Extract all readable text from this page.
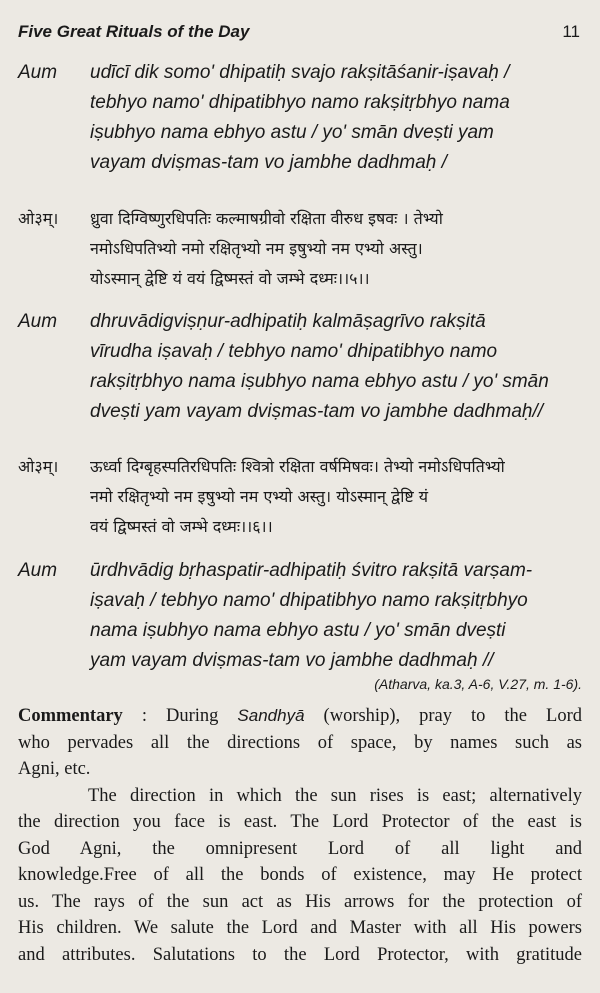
Five Great Rituals of the Day	11
Aum udīcī dik somo' dhipatiḥ svajo rakṣitāśanir-iṣavaḥ /
tebhyo namo' dhipatibhyo namo rakṣitṛbhyo nama
iṣubhyo nama ebhyo astu / yo' smān dveṣti yam
vayam dviṣmas-tam vo jambhe dadhmaḥ /
ओ३म्। ध्रुवा दिग्विष्णुरधिपतिः कल्माषग्रीवो रक्षिता वीरुध इषवः । तेभ्यो
नमोऽधिपतिभ्यो नमो रक्षितृभ्यो नम इषुभ्यो नम एभ्यो अस्तु।
योऽस्मान् द्वेष्टि यं वयं द्विष्मस्तं वो जम्भे दध्मः।।५।।
Aum dhruvādigviṣṇur-adhipatiḥ kalmāṣagrīvo rakṣitā
vīrudha iṣavaḥ / tebhyo namo' dhipatibhyo namo
rakṣitṛbhyo nama iṣubhyo nama ebhyo astu / yo' smān
dveṣti yam vayam dviṣmas-tam vo jambhe dadhmaḥ//
ओ३म्। ऊर्ध्वा दिग्बृहस्पतिरधिपतिः श्वित्रो रक्षिता वर्षमिषवः। तेभ्यो नमोऽधिपतिभ्यो
नमो रक्षितृभ्यो नम इषुभ्यो नम एभ्यो अस्तु। योऽस्मान् द्वेष्टि यं
वयं द्विष्मस्तं वो जम्भे दध्मः।।६।।
Aum ūrdhvādig bṛhaspatir-adhipatiḥ śvitro rakṣitā varṣam-
iṣavaḥ / tebhyo namo' dhipatibhyo namo rakṣitṛbhyo
nama iṣubhyo nama ebhyo astu / yo' smān dveṣti
yam vayam dviṣmas-tam vo jambhe dadhmaḥ //
(Atharva, ka.3, A-6, V.27, m. 1-6).
Commentary : During Sandhyā (worship), pray to the Lord
who pervades all the directions of space, by names such as
Agni, etc.
The direction in which the sun rises is east; alternatively
the direction you face is east. The Lord Protector of the east is
God Agni, the omnipresent Lord of all light and
knowledge.Free of all the bonds of existence, may He protect
us. The rays of the sun act as His arrows for the protection of
His children. We salute the Lord and Master with all His powers
and attributes. Salutations to the Lord Protector, with gratitude
